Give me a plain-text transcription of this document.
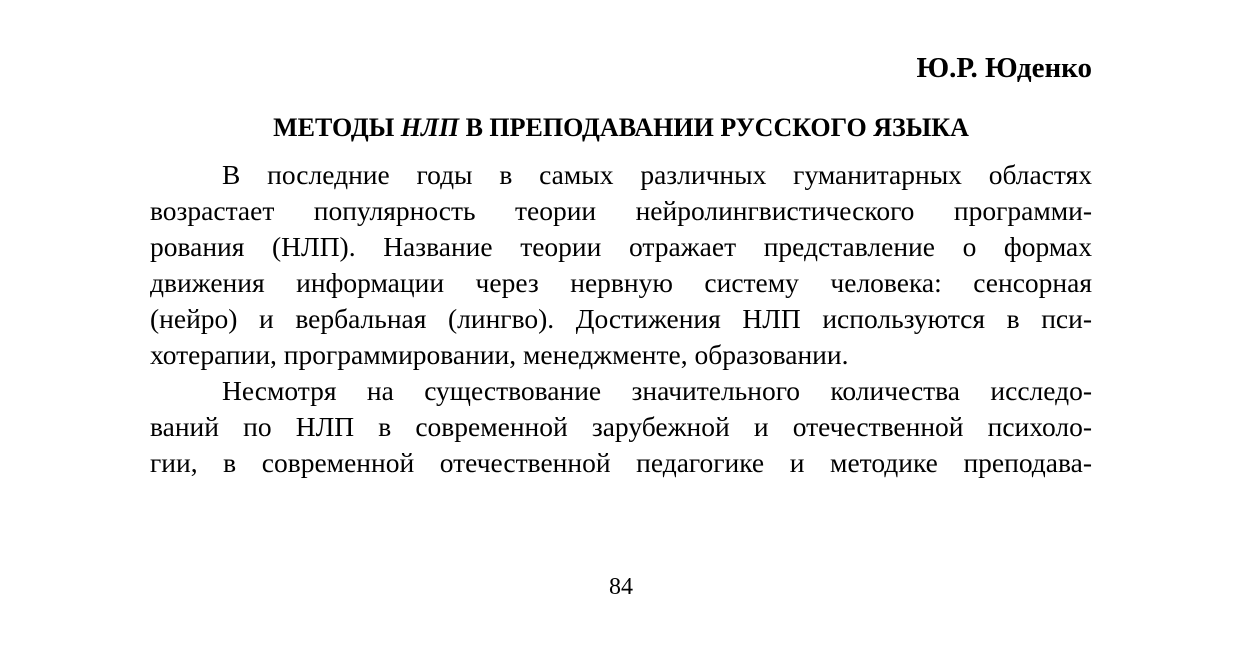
Ю.Р. Юденко
МЕТОДЫ НЛП В ПРЕПОДАВАНИИ РУССКОГО ЯЗЫКА
В последние годы в самых различных гуманитарных областях
возрастает популярность теории нейролингвистического программи-
рования (НЛП). Название теории отражает представление о формах
движения информации через нервную систему человека: сенсорная
(нейро) и вербальная (лингво). Достижения НЛП используются в пси-
хотерапии, программировании, менеджменте, образовании.
Несмотря на существование значительного количества исследо-
ваний по НЛП в современной зарубежной и отечественной психоло-
гии, в современной отечественной педагогике и методике преподава-
84
